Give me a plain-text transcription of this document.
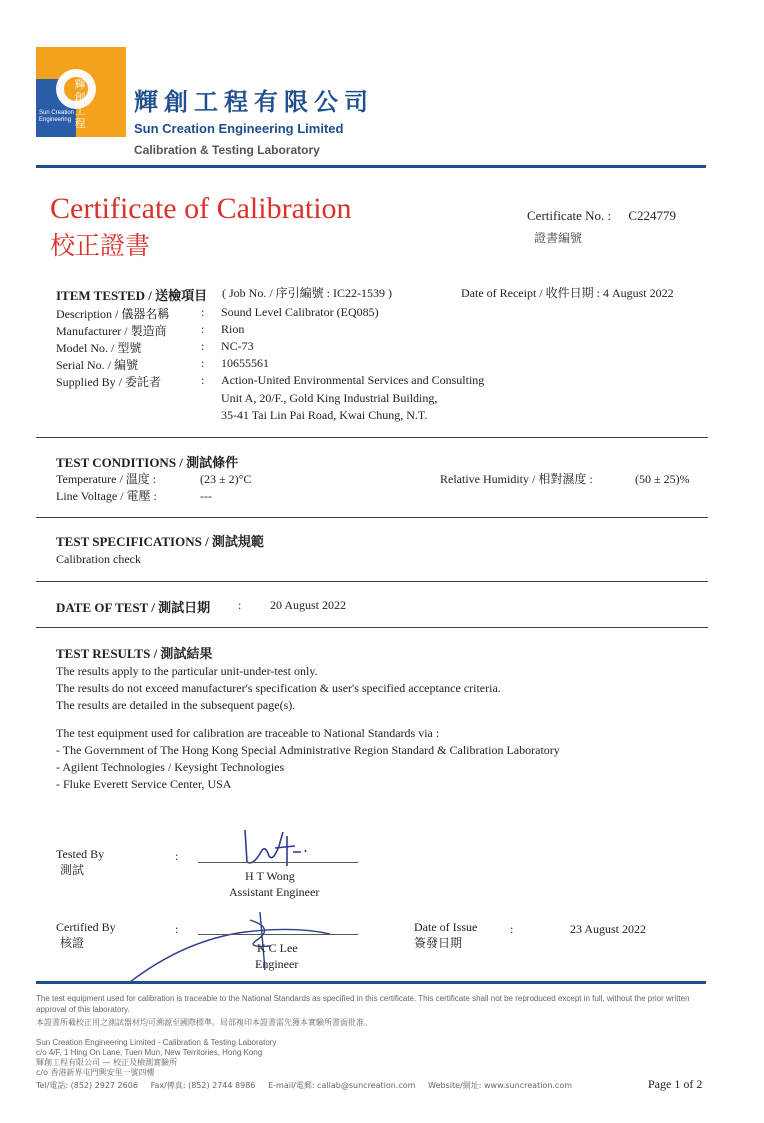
輝創工程
Sun Creation Engineering
輝創工程有限公司
Sun Creation Engineering Limited
Calibration & Testing Laboratory
Certificate of Calibration
校正證書
Certificate No. : C224779
證書編號
ITEM TESTED / 送檢項目 ( Job No. / 序引編號 : IC22-1539 )	Date of Receipt / 收件日期 : 4 August 2022
Description / 儀器名稱	: Sound Level Calibrator (EQ085)
Manufacturer / 製造商	: Rion
Model No. / 型號	: NC-73
Serial No. / 編號	: 10655561
Supplied By / 委託者	: Action-United Environmental Services and Consulting
Unit A, 20/F., Gold King Industrial Building,
35-41 Tai Lin Pai Road, Kwai Chung, N.T.
TEST CONDITIONS / 測試條件
Temperature / 溫度 :	(23 ± 2)°C
Line Voltage / 電壓 :	---
Relative Humidity / 相對濕度 :	(50 ± 25)%
TEST SPECIFICATIONS / 測試規範
Calibration check
DATE OF TEST / 測試日期 : 20 August 2022
TEST RESULTS / 測試結果
The results apply to the particular unit-under-test only.
The results do not exceed manufacturer's specification & user's specified acceptance criteria.
The results are detailed in the subsequent page(s).
The test equipment used for calibration are traceable to National Standards via :
- The Government of The Hong Kong Special Administrative Region Standard & Calibration Laboratory
- Agilent Technologies / Keysight Technologies
- Fluke Everett Service Center, USA
Tested By
測試
:
H T Wong
Assistant Engineer
Certified By
核證
:
K C Lee
Engineer
Date of Issue
簽發日期
:	23 August 2022
The test equipment used for calibration is traceable to the National Standards as specified in this certificate. This certificate shall not be reproduced except in full, without the prior written approval of this laboratory.
本證書所載校正用之測試器材均可溯源至國際標準。局部複印本證書需先獲本實驗所書面批准。
Sun Creation Engineering Limited - Calibration & Testing Laboratory
c/o 4/F, 1 Hing On Lane, Tuen Mun, New Territories, Hong Kong
輝創工程有限公司 — 校正及檢測實驗所
c/o 香港新界屯門興安里一號四樓
Tel/電話: (852) 2927 2606     Fax/傳真: (852) 2744 8986     E-mail/電郵: callab@suncreation.com     Website/網址: www.suncreation.com	Page 1 of 2
